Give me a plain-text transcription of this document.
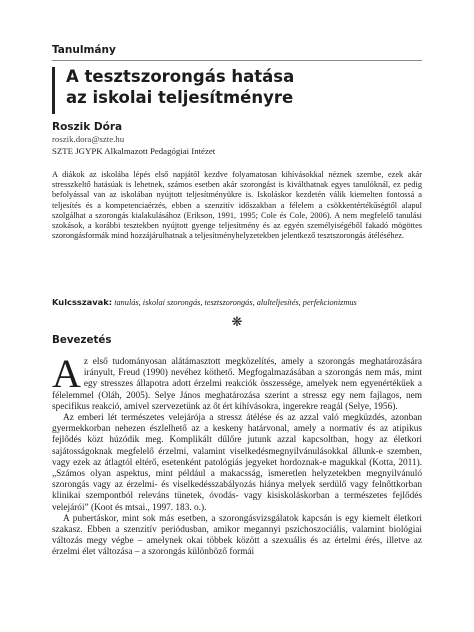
Tanulmány
A tesztszorongás hatása
az iskolai teljesítményre
Roszik Dóra
roszik.dora@szte.hu
SZTE JGYPK Alkalmazott Pedagógiai Intézet
A diákok az iskolába lépés első napjától kezdve folyamatosan kihívásokkal néznek szembe, ezek akár stresszkeltő hatásúak is lehetnek, számos esetben akár szorongást is kiválthatnak egyes tanulóknál, ez pedig befolyással van az iskolában nyújtott teljesítményükre is. Iskoláskor kezdetén válik kiemelten fontossá a teljesítés és a kompetenciaérzés, ebben a szenzitív időszakban a félelem a csökkentértékűségtől alapul szolgálhat a szorongás kialakulásához (Erikson, 1991, 1995; Cole és Cole, 2006). A nem megfelelő tanulási szokások, a korábbi tesztekben nyújtott gyenge teljesítmény és az egyén személyiségéből fakadó mögöttes szorongásformák mind hozzájárulhatnak a teljesítményhelyzetekben jelentkező tesztszorongás átéléséhez.
Kulcsszavak: tanulás, iskolai szorongás, tesztszorongás, alulteljesítés, perfekcionizmus
❋
Bevezetés

Az első tudományosan alátámasztott megközelítés, amely a szorongás meghatározására irányult, Freud (1990) nevéhez köthető. Megfogalmazásában a szorongás nem más, mint egy stresszes állapotra adott érzelmi reakciók összessége, amelyek nem egyenértékűek a félelemmel (Oláh, 2005). Selye János meghatározása szerint a stressz egy nem fajlagos, nem specifikus reakció, amivel szervezetünk az őt ért kihívásokra, ingerekre reagál (Selye, 1956).

Az emberi lét természetes velejárója a stressz átélése és az azzal való megküzdés, azonban gyermekkorban nehezen észlelhető az a keskeny határvonal, amely a normatív és az atipikus fejlődés közt húzódik meg. Komplikált dűlőre jutunk azzal kapcsoltban, hogy az életkori sajátosságoknak megfelelő érzelmi, valamint viselkedésmegnyilvánulásokkal állunk-e szemben, vagy ezek az átlagtól eltérő, esetenként patológiás jegyeket hordoznak-e magukkal (Kotta, 2011). „Számos olyan aspektus, mint például a makacsság, ismeretlen helyzetekben megnyilvánuló szorongás vagy az érzelmi- és viselkedésszabályozás hiánya melyek serdülő vagy felnőttkorban klinikai szempontból releváns tünetek, óvodás- vagy kisiskoláskorban a természetes fejlődés velejárói” (Koot és mtsai., 1997. 183. o.).

A pubertáskor, mint sok más esetben, a szorongásvizsgálatok kapcsán is egy kiemelt életkori szakasz. Ebben a szenzitív periódusban, amikor megannyi pszichoszociális, valamint biológiai változás megy végbe – amelynek okai többek között a szexuális és az értelmi érés, illetve az érzelmi élet változása – a szorongás különböző formái
